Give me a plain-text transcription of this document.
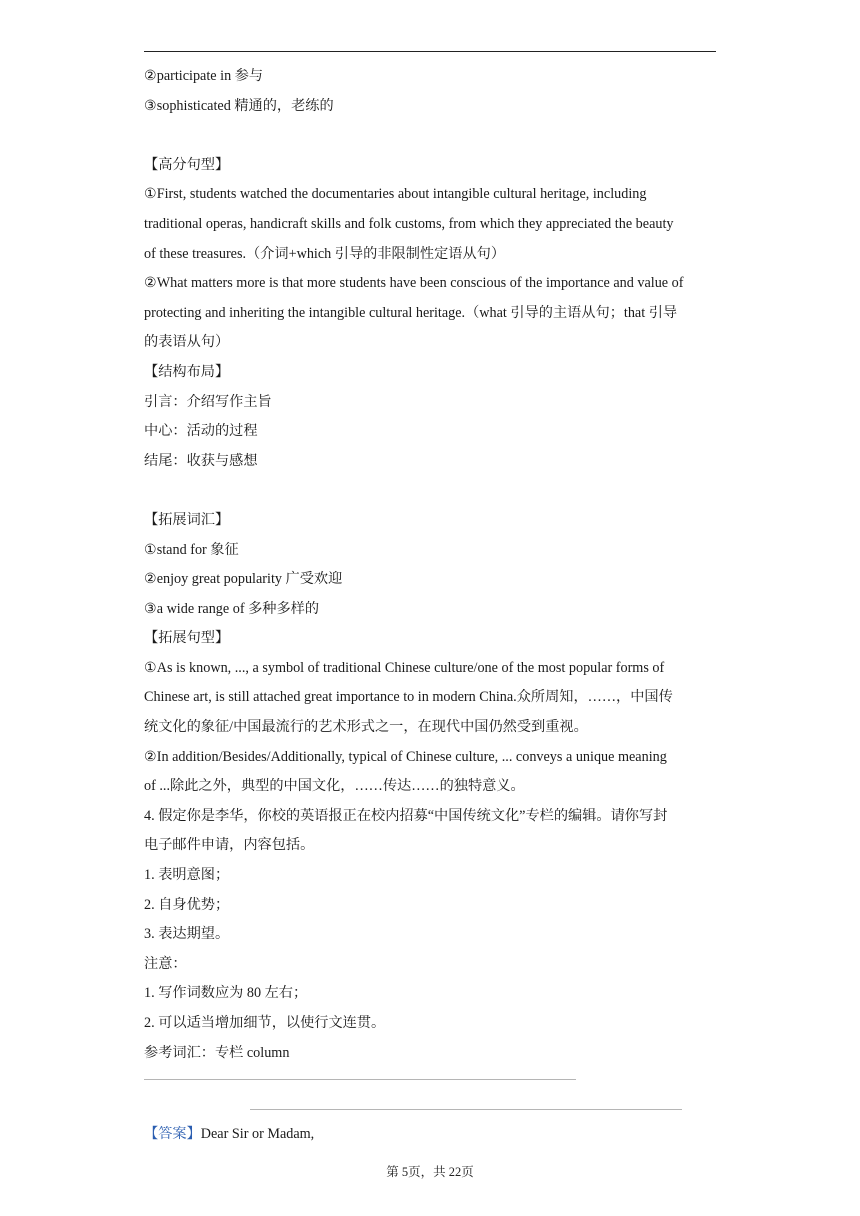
②participate in 参与
③sophisticated 精通的，老练的
【高分句型】
①First, students watched the documentaries about intangible cultural heritage, including
traditional operas, handicraft skills and folk customs, from which they appreciated the beauty
of these treasures.（介词+which 引导的非限制性定语从句）
②What matters more is that more students have been conscious of the importance and value of
protecting and inheriting the intangible cultural heritage.（what 引导的主语从句；that 引导
的表语从句）
【结构布局】
引言：介绍写作主旨
中心：活动的过程
结尾：收获与感想
【拓展词汇】
①stand for 象征
②enjoy great popularity 广受欢迎
③a wide range of 多种多样的
【拓展句型】
①As is known, ..., a symbol of traditional Chinese culture/one of the most popular forms of
Chinese art, is still attached great importance to in modern China.众所周知，……，中国传
统文化的象征/中国最流行的艺术形式之一，在现代中国仍然受到重视。
②In addition/Besides/Additionally, typical of Chinese culture, ... conveys a unique meaning
of ...除此之外，典型的中国文化，……传达……的独特意义。
4. 假定你是李华，你校的英语报正在校内招募“中国传统文化”专栏的编辑。请你写封
电子邮件申请，内容包括。
1. 表明意图；
2. 自身优势；
3. 表达期望。
注意：
1. 写作词数应为 80 左右；
2. 可以适当增加细节，以使行文连贯。
参考词汇：专栏 column
【答案】Dear Sir or Madam,
第 5页，共 22页
